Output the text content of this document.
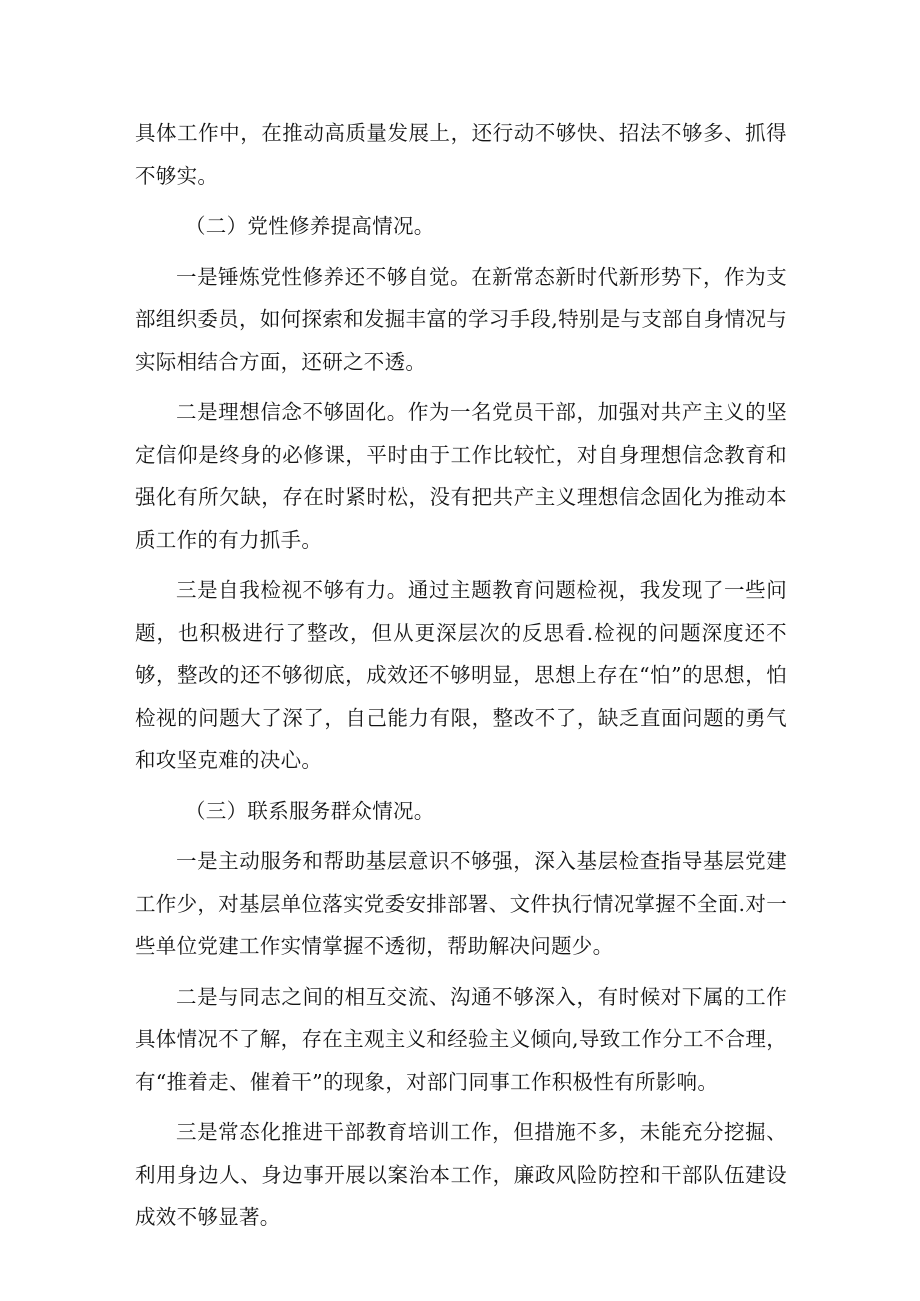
具体工作中，在推动高质量发展上，还行动不够快、招法不够多、抓得不够实。

（二）党性修养提高情况。

一是锤炼党性修养还不够自觉。在新常态新时代新形势下，作为支部组织委员，如何探索和发掘丰富的学习手段,特别是与支部自身情况与实际相结合方面，还研之不透。

二是理想信念不够固化。作为一名党员干部，加强对共产主义的坚定信仰是终身的必修课，平时由于工作比较忙，对自身理想信念教育和强化有所欠缺，存在时紧时松，没有把共产主义理想信念固化为推动本质工作的有力抓手。

三是自我检视不够有力。通过主题教育问题检视，我发现了一些问题，也积极进行了整改，但从更深层次的反思看.检视的问题深度还不够，整改的还不够彻底，成效还不够明显，思想上存在“怕”的思想，怕检视的问题大了深了，自己能力有限，整改不了，缺乏直面问题的勇气和攻坚克难的决心。

（三）联系服务群众情况。

一是主动服务和帮助基层意识不够强，深入基层检查指导基层党建工作少，对基层单位落实党委安排部署、文件执行情况掌握不全面.对一些单位党建工作实情掌握不透彻，帮助解决问题少。

二是与同志之间的相互交流、沟通不够深入，有时候对下属的工作具体情况不了解，存在主观主义和经验主义倾向,导致工作分工不合理，有“推着走、催着干”的现象，对部门同事工作积极性有所影响。

三是常态化推进干部教育培训工作，但措施不多，未能充分挖掘、利用身边人、身边事开展以案治本工作，廉政风险防控和干部队伍建设成效不够显著。
